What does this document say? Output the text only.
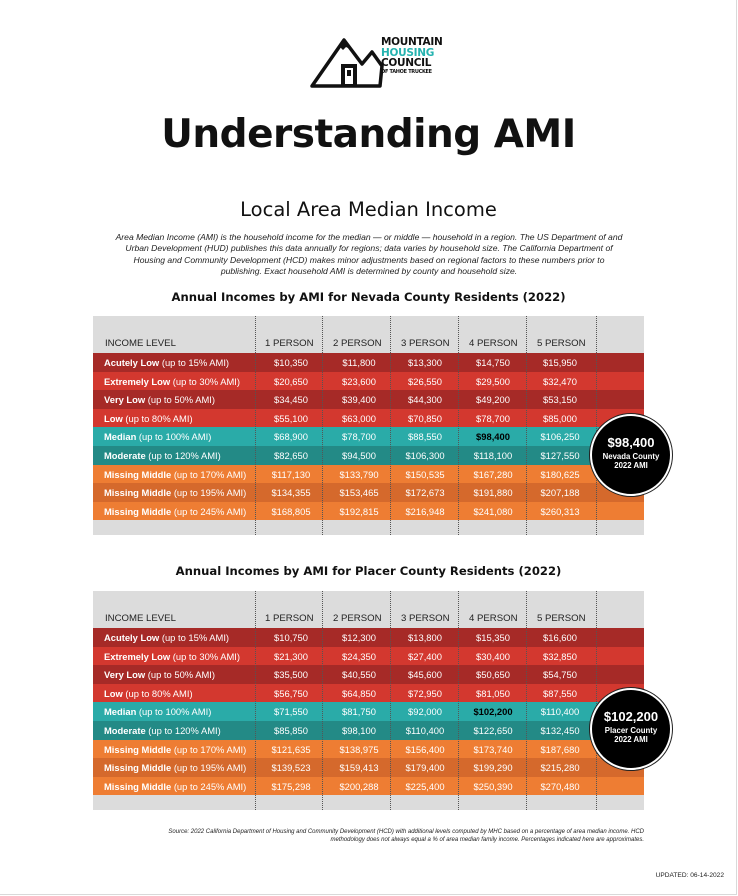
MOUNTAIN
HOUSING
COUNCIL
OF TAHOE TRUCKEE
Understanding AMI
Local Area Median Income

Area Median Income (AMI) is the household income for the median — or middle — household in a region. The US Department of and Urban Development (HUD) publishes this data annually for regions; data varies by household size. The California Department of Housing and Community Development (HCD) makes minor adjustments based on regional factors to these numbers prior to publishing. Exact household AMI is determined by county and household size.

Annual Incomes by AMI for Nevada County Residents (2022)
INCOME LEVEL	1 PERSON 2 PERSON 3 PERSON 4 PERSON 5 PERSON
Acutely Low (up to 15% AMI)	$10,350	$11,800	$13,300	$14,750	$15,950
Extremely Low (up to 30% AMI)	$20,650	$23,600	$26,550	$29,500	$32,470
Very Low (up to 50% AMI)	$34,450	$39,400	$44,300	$49,200	$53,150
Low (up to 80% AMI)	$55,100	$63,000	$70,850	$78,700	$85,000
Median (up to 100% AMI)	$68,900	$78,700	$88,550	$98,400	$106,250
Moderate (up to 120% AMI)	$82,650	$94,500	$106,300	$118,100	$127,550
Missing Middle (up to 170% AMI)	$117,130	$133,790	$150,535	$167,280	$180,625
Missing Middle (up to 195% AMI)	$134,355	$153,465	$172,673	$191,880	$207,188
Missing Middle (up to 245% AMI)	$168,805	$192,815	$216,948	$241,080	$260,313
$98,400
Nevada County
2022 AMI
Annual Incomes by AMI for Placer County Residents (2022)
INCOME LEVEL	1 PERSON 2 PERSON 3 PERSON 4 PERSON 5 PERSON
Acutely Low (up to 15% AMI)	$10,750	$12,300	$13,800	$15,350	$16,600
Extremely Low (up to 30% AMI)	$21,300	$24,350	$27,400	$30,400	$32,850
Very Low (up to 50% AMI)	$35,500	$40,550	$45,600	$50,650	$54,750
Low (up to 80% AMI)	$56,750	$64,850	$72,950	$81,050	$87,550
Median (up to 100% AMI)	$71,550	$81,750	$92,000	$102,200	$110,400
Moderate (up to 120% AMI)	$85,850	$98,100	$110,400	$122,650	$132,450
Missing Middle (up to 170% AMI)	$121,635	$138,975	$156,400	$173,740	$187,680
Missing Middle (up to 195% AMI)	$139,523	$159,413	$179,400	$199,290	$215,280
Missing Middle (up to 245% AMI)	$175,298	$200,288	$225,400	$250,390	$270,480
$102,200
Placer County
2022 AMI

Source: 2022 California Department of Housing and Community Development (HCD) with additional levels computed by MHC based on a percentage of area median income. HCD methodology does not always equal a % of area median family income. Percentages indicated here are approximates.

UPDATED: 06-14-2022
